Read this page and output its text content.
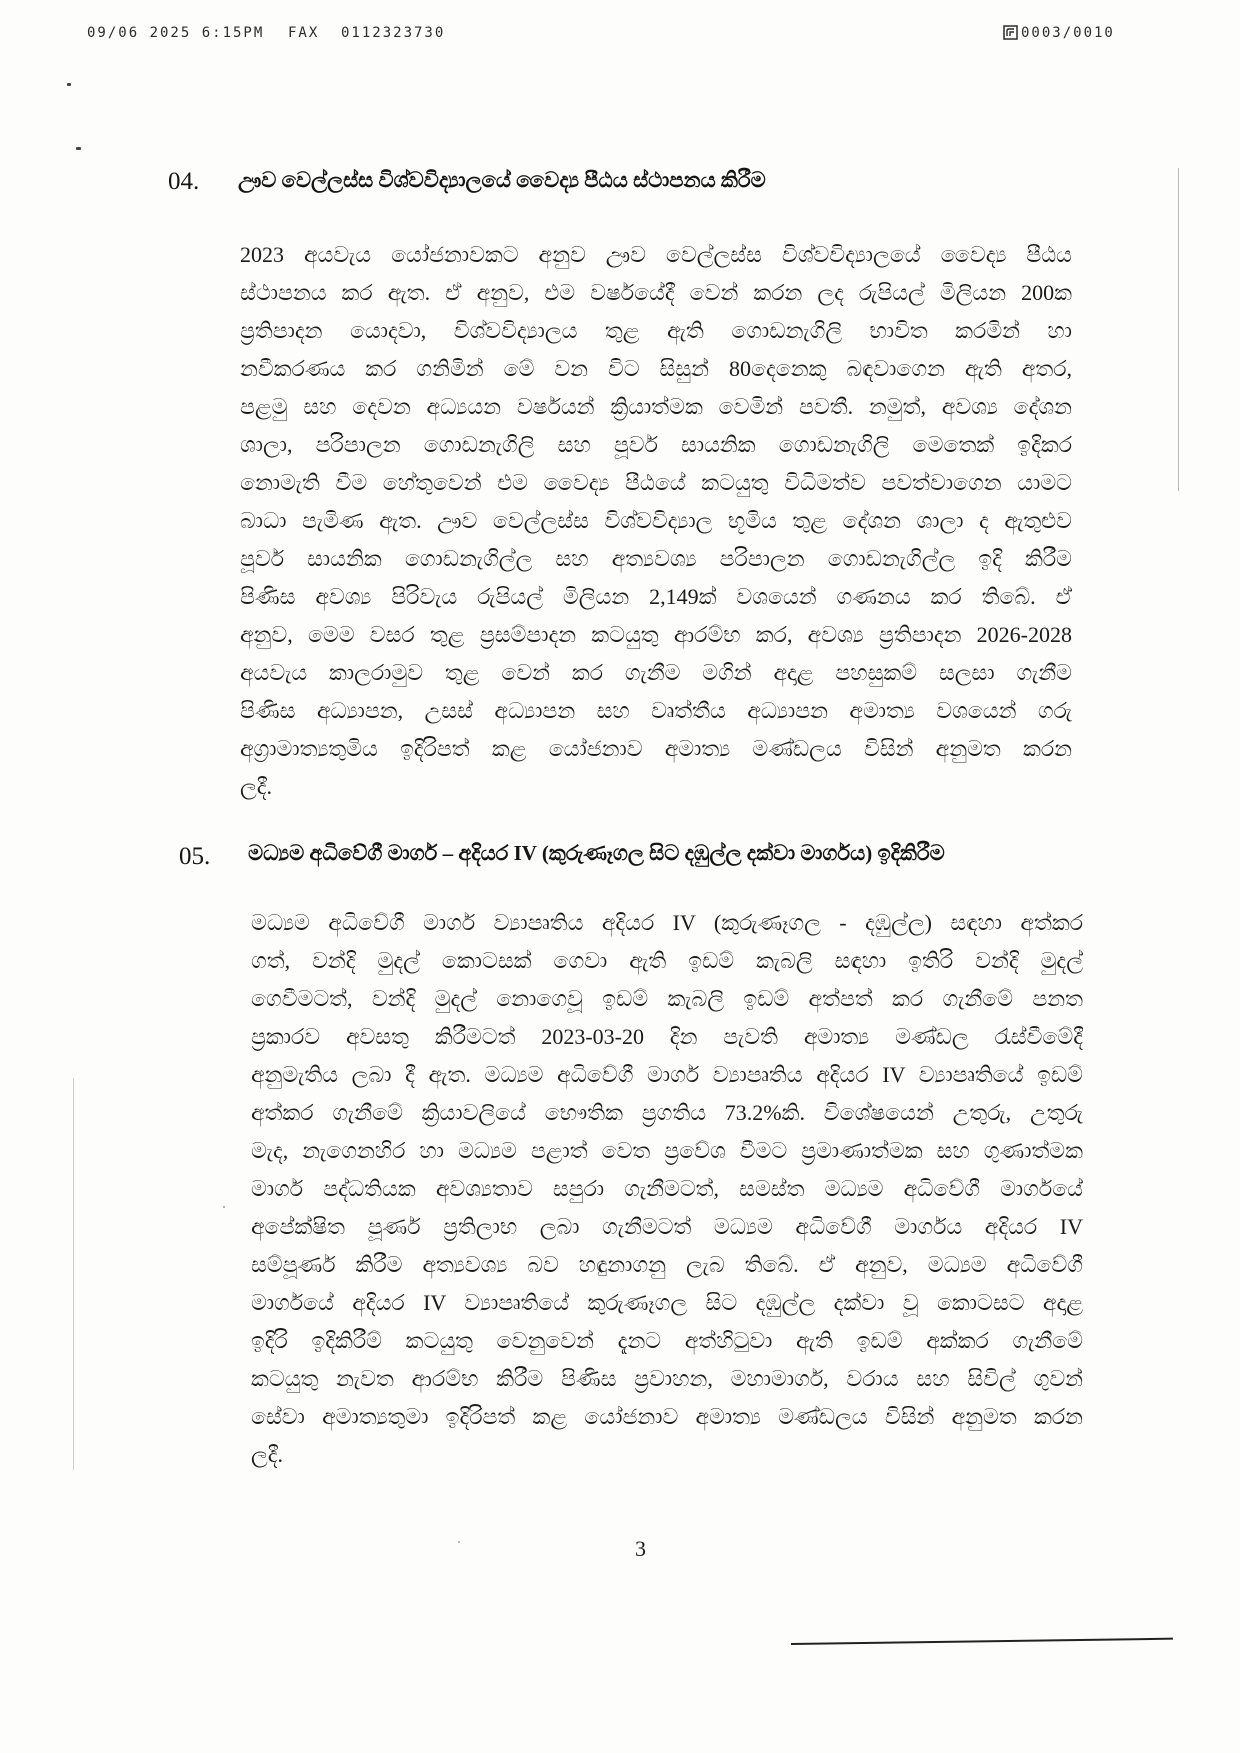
09/06 2025 6:15PM FAX 0112323730	0003/0010
04. ඌව වෙල්ලස්ස විශ්වවිද්‍යාලයේ වෛද්‍ය පීඨය ස්ථාපනය කිරීම
2023 අයවැය යෝජනාවකට අනුව ඌව වෙල්ලස්ස විශ්වවිද්‍යාලයේ වෛද්‍ය පීඨය
ස්ථාපනය කර ඇත. ඒ අනුව, එම වර්ෂයේදී වෙන් කරන ලද රුපියල් මිලියන 200ක
ප්‍රතිපාදන යොදවා, විශ්වවිද්‍යාලය තුළ ඇති ගොඩනැගිලි භාවිත කරමින් හා
නවීකරණය කර ගනිමින් මේ වන විට සිසුන් 80දෙනෙකු බඳවාගෙන ඇති අතර,
පළමු සහ දෙවන අධ්‍යයන වර්ෂයන් ක්‍රියාත්මක වෙමින් පවතී. නමුත්, අවශ්‍ය දේශන
ශාලා, පරිපාලන ගොඩනැගිලි සහ පූර්ව සායනික ගොඩනැගිලි මෙතෙක් ඉදිකර
නොමැති වීම හේතුවෙන් එම වෛද්‍ය පීඨයේ කටයුතු විධිමත්ව පවත්වාගෙන යාමට
බාධා පැමිණ ඇත. ඌව වෙල්ලස්ස විශ්වවිද්‍යාල භූමිය තුළ දේශන ශාලා ද ඇතුළුව
පූර්ව සායනික ගොඩනැගිල්ල සහ අත්‍යවශ්‍ය පරිපාලන ගොඩනැගිල්ල ඉදි කිරීම
පිණිස අවශ්‍ය පිරිවැය රුපියල් මිලියන 2,149ක් වශයෙන් ගණනය කර තිබේ. ඒ
අනුව, මෙම වසර තුළ ප්‍රසම්පාදන කටයුතු ආරම්භ කර, අවශ්‍ය ප්‍රතිපාදන 2026-2028
අයවැය කාලරාමුව තුළ වෙන් කර ගැනීම මගින් අදාළ පහසුකම් සලසා ගැනීම
පිණිස අධ්‍යාපන, උසස් අධ්‍යාපන සහ වෘත්තීය අධ්‍යාපන අමාත්‍ය වශයෙන් ගරු
අග්‍රාමාත්‍යතුමිය ඉදිරිපත් කළ යෝජනාව අමාත්‍ය මණ්ඩලය විසින් අනුමත කරන
ලදී.
05. මධ්‍යම අධිවේගී මාර්ග – අදියර IV (කුරුණෑගල සිට දඹුල්ල දක්වා මාර්ගය) ඉදිකිරීම
මධ්‍යම අධිවේගී මාර්ග ව්‍යාපෘතිය අදියර IV (කුරුණෑගල - දඹුල්ල) සඳහා අත්කර
ගත්, වන්දි මුදල් කොටසක් ගෙවා ඇති ඉඩම් කැබලි සඳහා ඉතිරි වන්දි මුදල්
ගෙවීමටත්, වන්දි මුදල් නොගෙවූ ඉඩම් කැබලි ඉඩම් අත්පත් කර ගැනීමේ පනත
ප්‍රකාරව අවසතු කිරීමටත් 2023-03-20 දින පැවති අමාත්‍ය මණ්ඩල රැස්වීමේදී
අනුමැතිය ලබා දී ඇත. මධ්‍යම අධිවේගී මාර්ග ව්‍යාපෘතිය අදියර IV ව්‍යාපෘතියේ ඉඩම්
අත්කර ගැනීමේ ක්‍රියාවලියේ භෞතික ප්‍රගතිය 73.2%කි. විශේෂයෙන් උතුරු, උතුරු
මැද, නැගෙනහිර හා මධ්‍යම පළාත් වෙත ප්‍රවේශ වීමට ප්‍රමාණාත්මක සහ ගුණාත්මක
මාර්ග පද්ධතියක අවශ්‍යතාව සපුරා ගැනීමටත්, සමස්ත මධ්‍යම අධිවේගී මාර්ගයේ
අපේක්ෂිත පූර්ණ ප්‍රතිලාභ ලබා ගැනීමටත් මධ්‍යම අධිවේගී මාර්ගය අදියර IV
සම්පූර්ණ කිරීම අත්‍යවශ්‍ය බව හඳුනාගනු ලැබ තිබේ. ඒ අනුව, මධ්‍යම අධිවේගී
මාර්ගයේ අදියර IV ව්‍යාපෘතියේ කුරුණෑගල සිට දඹුල්ල දක්වා වූ කොටසට අදාළ
ඉදිරි ඉදිකිරීම් කටයුතු වෙනුවෙන් දැනට අත්හිටුවා ඇති ඉඩම් අක්කර ගැනීමේ
කටයුතු නැවත ආරම්භ කිරීම පිණිස ප්‍රවාහන, මහාමාර්ග, වරාය සහ සිවිල් ගුවන්
සේවා අමාත්‍යතුමා ඉදිරිපත් කළ යෝජනාව අමාත්‍ය මණ්ඩලය විසින් අනුමත කරන
ලදී.
3
